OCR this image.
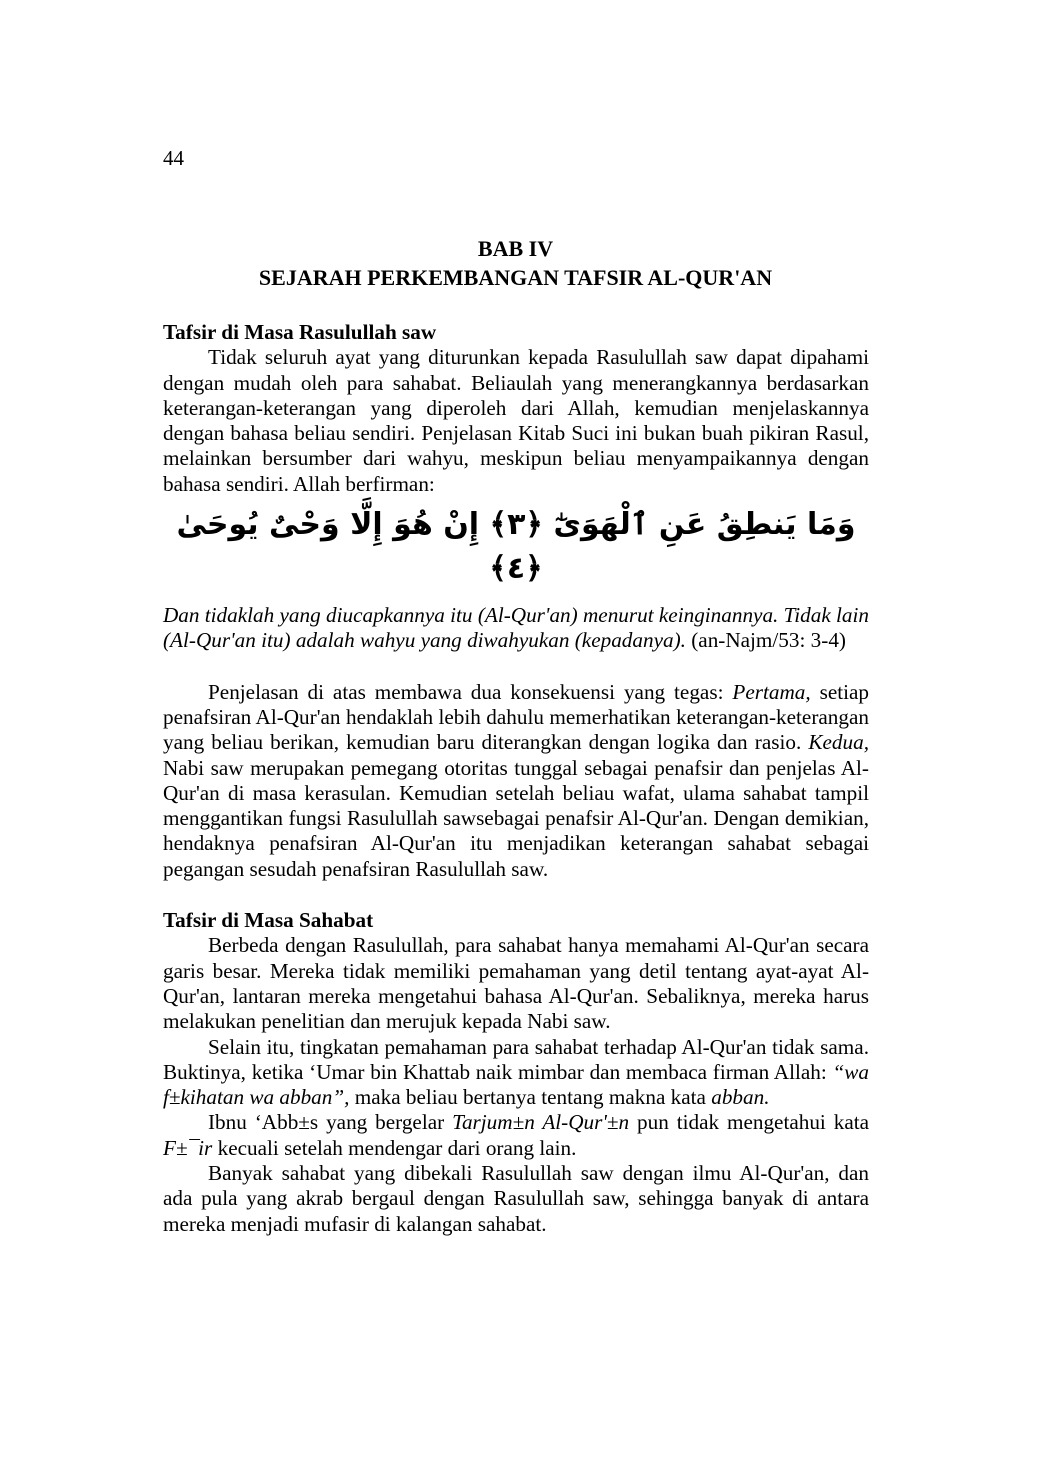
44
BAB IV
SEJARAH PERKEMBANGAN TAFSIR AL-QUR'AN

Tafsir di Masa Rasulullah saw

Tidak seluruh ayat yang diturunkan kepada Rasulullah saw dapat dipahami dengan mudah oleh para sahabat. Beliaulah yang menerangkannya berdasarkan keterangan-keterangan yang diperoleh dari Allah, kemudian menjelaskannya dengan bahasa beliau sendiri. Penjelasan Kitab Suci ini bukan buah pikiran Rasul, melainkan bersumber dari wahyu, meskipun beliau menyampaikannya dengan bahasa sendiri. Allah berfirman:

وَمَا يَنطِقُ عَنِ ٱلْهَوَىٰٓ ﴿٣﴾ إِنْ هُوَ إِلَّا وَحْىٌ يُوحَىٰ ﴿٤﴾

Dan tidaklah yang diucapkannya itu (Al-Qur'an) menurut keinginannya. Tidak lain (Al-Qur'an itu) adalah wahyu yang diwahyukan (kepadanya). (an-Najm/53: 3-4)

Penjelasan di atas membawa dua konsekuensi yang tegas: Pertama, setiap penafsiran Al-Qur'an hendaklah lebih dahulu memerhatikan keterangan-keterangan yang beliau berikan, kemudian baru diterangkan dengan logika dan rasio. Kedua, Nabi saw merupakan pemegang otoritas tunggal sebagai penafsir dan penjelas Al-Qur'an di masa kerasulan. Kemudian setelah beliau wafat, ulama sahabat tampil menggantikan fungsi Rasulullah sawsebagai penafsir Al-Qur'an. Dengan demikian, hendaknya penafsiran Al-Qur'an itu menjadikan keterangan sahabat sebagai pegangan sesudah penafsiran Rasulullah saw.

Tafsir di Masa Sahabat

Berbeda dengan Rasulullah, para sahabat hanya memahami Al-Qur'an secara garis besar. Mereka tidak memiliki pemahaman yang detil tentang ayat-ayat Al-Qur'an, lantaran mereka mengetahui bahasa Al-Qur'an. Sebaliknya, mereka harus melakukan penelitian dan merujuk kepada Nabi saw.

Selain itu, tingkatan pemahaman para sahabat terhadap Al-Qur'an tidak sama. Buktinya, ketika ‘Umar bin Khattab naik mimbar dan membaca firman Allah: “wa f±kihatan wa abban”, maka beliau bertanya tentang makna kata abban.

Ibnu ‘Abb±s yang bergelar Tarjum±n Al-Qur'±n pun tidak mengetahui kata F±¯ir kecuali setelah mendengar dari orang lain.

Banyak sahabat yang dibekali Rasulullah saw dengan ilmu Al-Qur'an, dan ada pula yang akrab bergaul dengan Rasulullah saw, sehingga banyak di antara mereka menjadi mufasir di kalangan sahabat.
